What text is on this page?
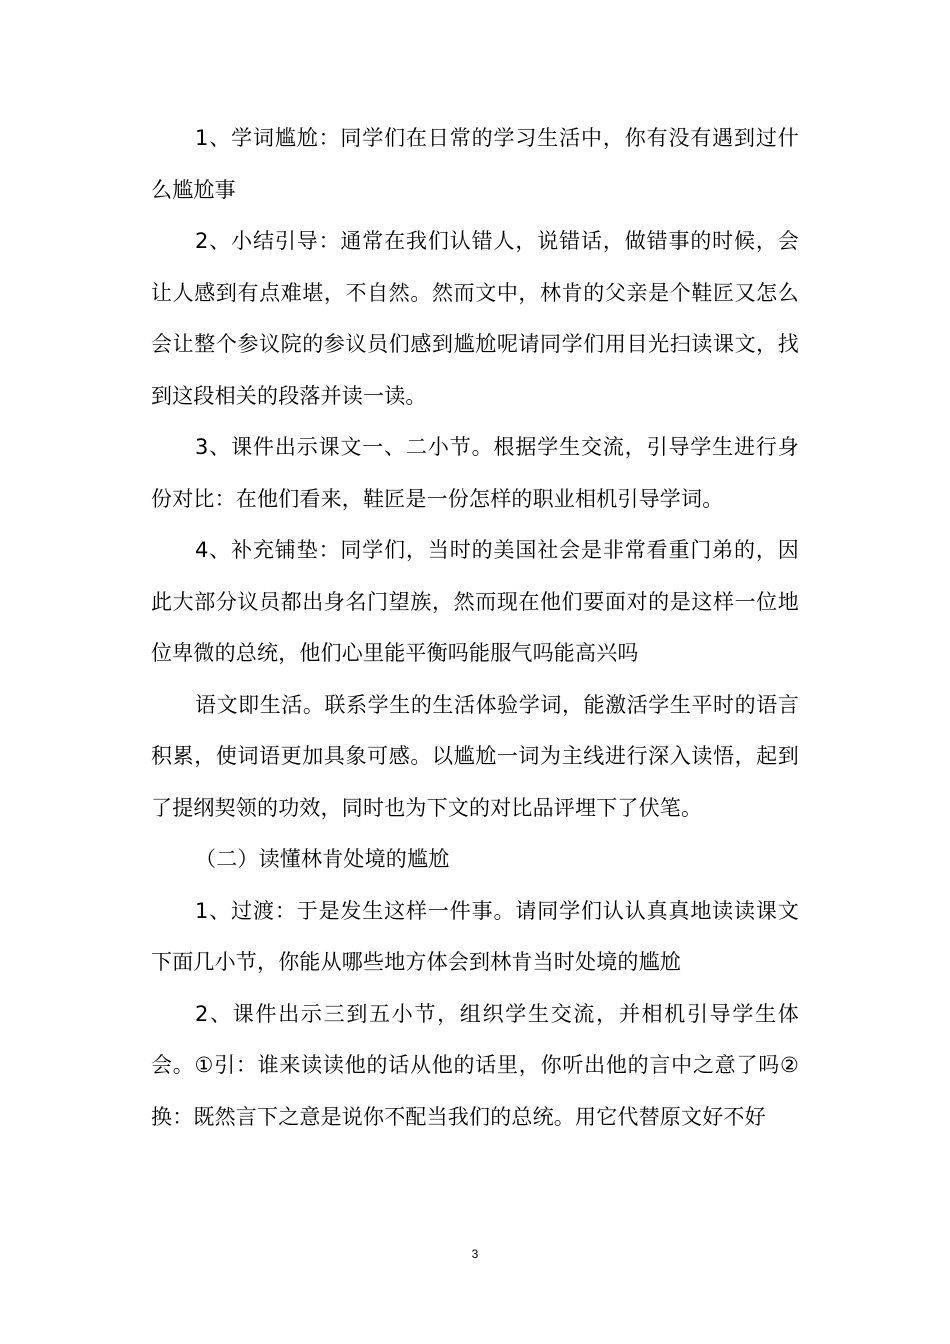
1、学词尴尬：同学们在日常的学习生活中，你有没有遇到过什么尴尬事

2、小结引导：通常在我们认错人，说错话，做错事的时候，会让人感到有点难堪，不自然。然而文中，林肯的父亲是个鞋匠又怎么会让整个参议院的参议员们感到尴尬呢请同学们用目光扫读课文，找到这段相关的段落并读一读。

3、课件出示课文一、二小节。根据学生交流，引导学生进行身份对比：在他们看来，鞋匠是一份怎样的职业相机引导学词。

4、补充铺垫：同学们，当时的美国社会是非常看重门弟的，因此大部分议员都出身名门望族，然而现在他们要面对的是这样一位地位卑微的总统，他们心里能平衡吗能服气吗能高兴吗

语文即生活。联系学生的生活体验学词，能激活学生平时的语言积累，使词语更加具象可感。以尴尬一词为主线进行深入读悟，起到了提纲契领的功效，同时也为下文的对比品评埋下了伏笔。

（二）读懂林肯处境的尴尬

1、过渡：于是发生这样一件事。请同学们认认真真地读读课文下面几小节，你能从哪些地方体会到林肯当时处境的尴尬

2、课件出示三到五小节，组织学生交流，并相机引导学生体会。①引：谁来读读他的话从他的话里，你听出他的言中之意了吗②换：既然言下之意是说你不配当我们的总统。用它代替原文好不好

3
